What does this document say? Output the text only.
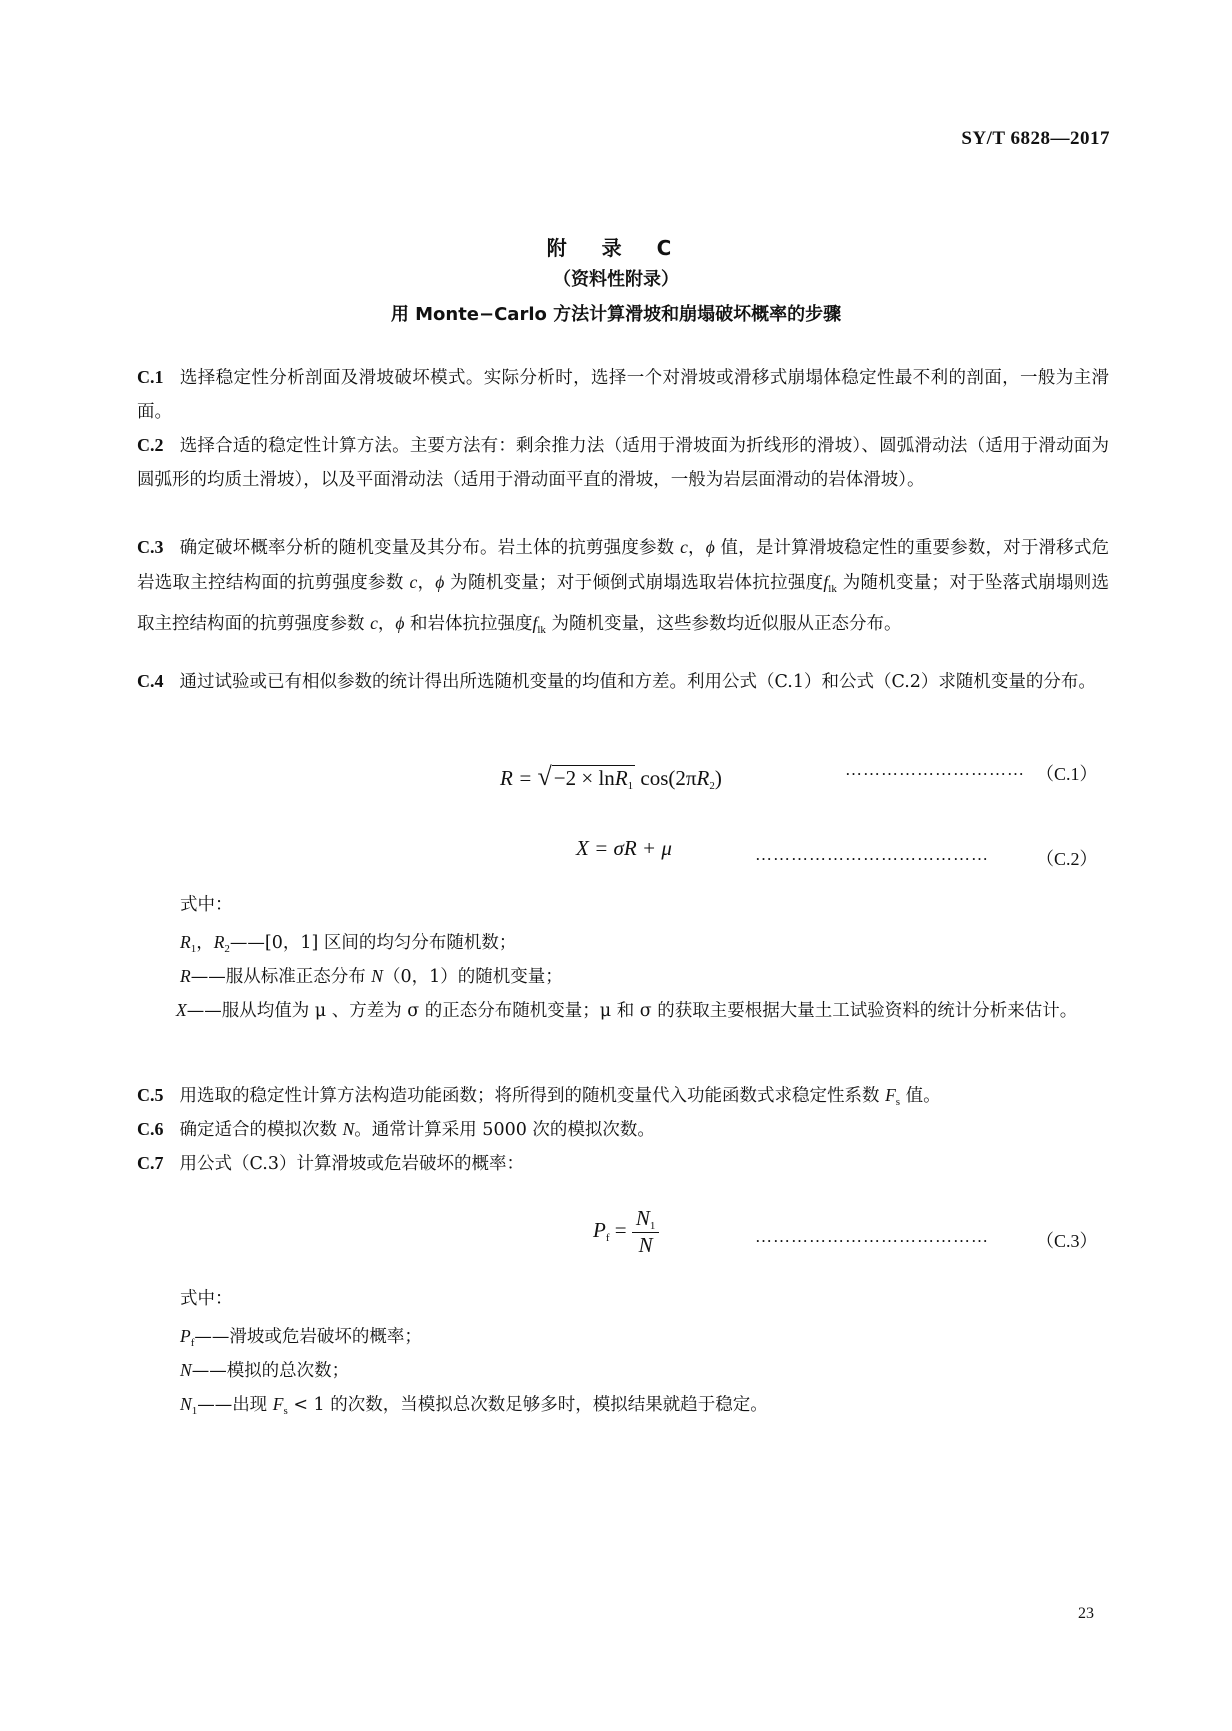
SY/T 6828—2017
附 录 C
（资料性附录）
用 Monte−Carlo 方法计算滑坡和崩塌破坏概率的步骤
C.1 选择稳定性分析剖面及滑坡破坏模式。实际分析时，选择一个对滑坡或滑移式崩塌体稳定性最不利的剖面，一般为主滑面。
C.2 选择合适的稳定性计算方法。主要方法有：剩余推力法（适用于滑坡面为折线形的滑坡）、圆弧滑动法（适用于滑动面为圆弧形的均质土滑坡），以及平面滑动法（适用于滑动面平直的滑坡，一般为岩层面滑动的岩体滑坡）。
C.3 确定破坏概率分析的随机变量及其分布。岩土体的抗剪强度参数 c，ϕ 值，是计算滑坡稳定性的重要参数，对于滑移式危岩选取主控结构面的抗剪强度参数 c，ϕ 为随机变量；对于倾倒式崩塌选取岩体抗拉强度$f_{lk}$ 为随机变量；对于坠落式崩塌则选取主控结构面的抗剪强度参数 c，ϕ 和岩体抗拉强度$f_{lk}$ 为随机变量，这些参数均近似服从正态分布。
C.4 通过试验或已有相似参数的统计得出所选随机变量的均值和方差。利用公式（C.1）和公式（C.2）求随机变量的分布。
R = √−2 × lnR$_1$ $\cos(2\pi R_2)$	………………………… （C.1）
X = σR + μ	…………………………………	（C.2）
式中：
$R_1$，$R_2——[0$，1] 区间的均匀分布随机数；
R——服从标准正态分布 N（0，1）的随机变量；
X——服从均值为 μ 、方差为 σ 的正态分布随机变量；μ 和 σ 的获取主要根据大量土工试验资料的统计分析来估计。
C.5 用选取的稳定性计算方法构造功能函数；将所得到的随机变量代入功能函数式求稳定性系数 $F_s$ 值。
C.6 确定适合的模拟次数 N。通常计算采用 5000 次的模拟次数。
C.7 用公式（C.3）计算滑坡或危岩破坏的概率：
$P_f = \frac{N_1}{N}$	…………………………………	（C.3）
式中：
$P_f——$滑坡或危岩破坏的概率；
N——模拟的总次数；
$N_1——$出现 $F_s < 1$ 的次数，当模拟总次数足够多时，模拟结果就趋于稳定。
23
